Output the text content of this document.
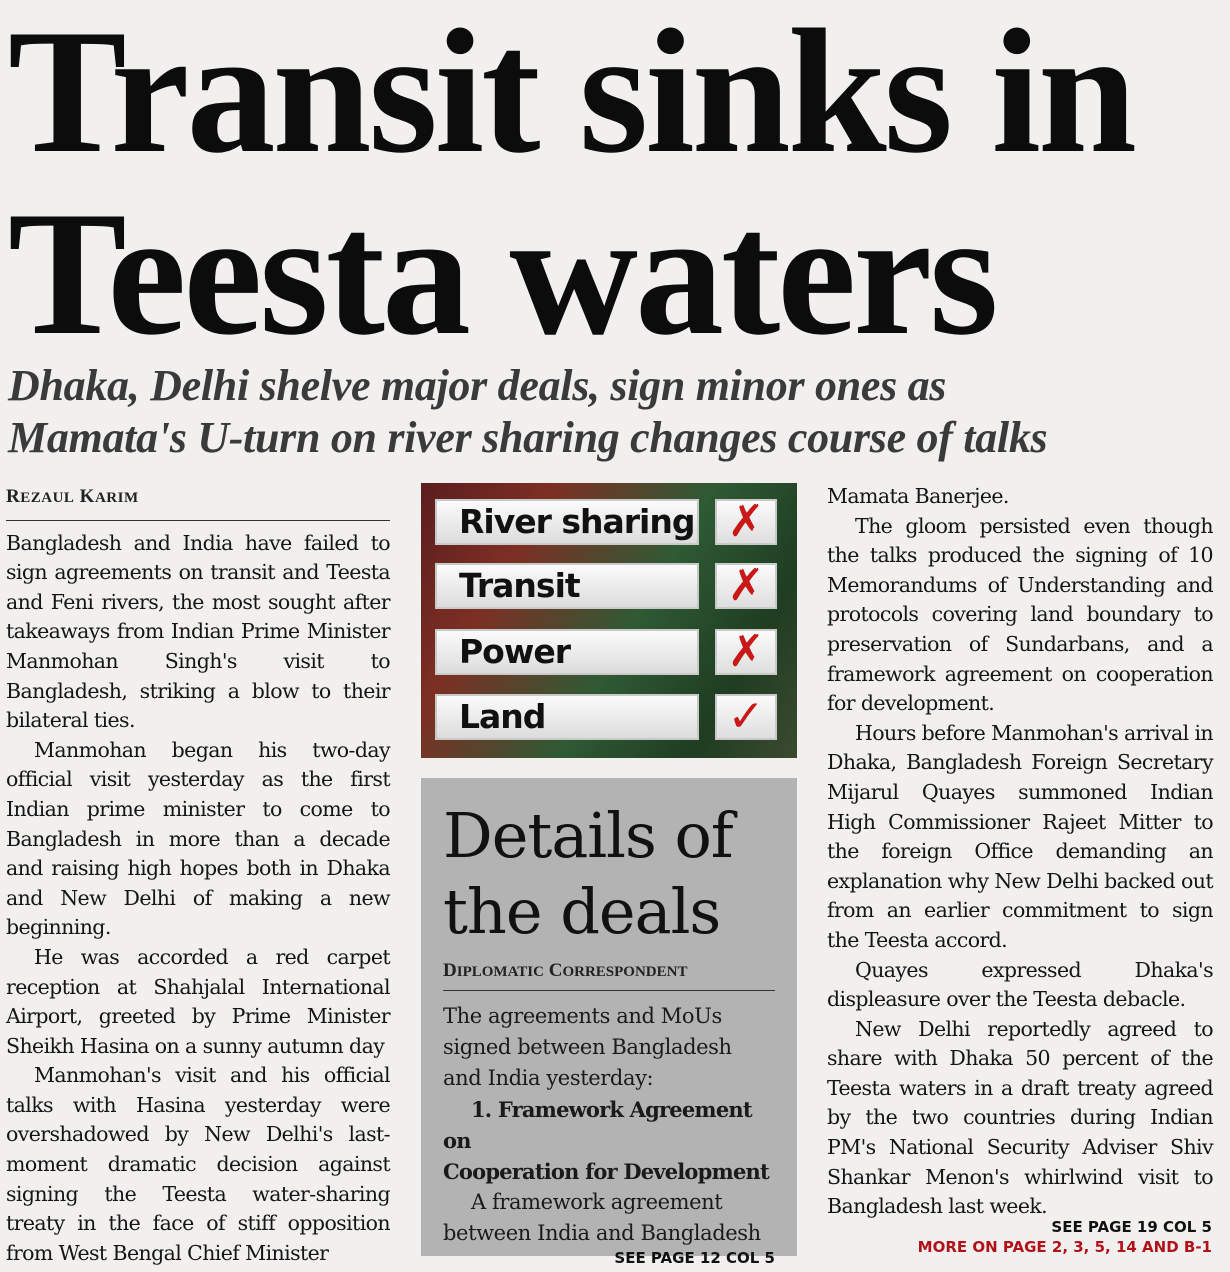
Transit sinks in
Teesta waters
Dhaka, Delhi shelve major deals, sign minor ones as
Mamata's U-turn on river sharing changes course of talks
REZAUL KARIM

Bangladesh and India have failed to sign agreements on transit and Teesta and Feni rivers, the most sought after takeaways from Indian Prime Minister Manmohan Singh's visit to Bangladesh, striking a blow to their bilateral ties.

Manmohan began his two-day official visit yesterday as the first Indian prime minister to come to Bangladesh in more than a decade and raising high hopes both in Dhaka and New Delhi of making a new beginning.

He was accorded a red carpet reception at Shahjalal International Airport, greeted by Prime Minister Sheikh Hasina on a sunny autumn day

Manmohan's visit and his official talks with Hasina yesterday were overshadowed by New Delhi's last-moment dramatic decision against signing the Teesta water-sharing treaty in the face of stiff opposition from West Bengal Chief Minister

River sharing ✗
Transit	✗
Power	✗
Land	✓
Details of
the deals
DIPLOMATIC CORRESPONDENT

The agreements and MoUs signed between Bangladesh and India yesterday:

1. Framework Agreement on

Cooperation for Development

A framework agreement between India and Bangladesh

SEE PAGE 12 COL 5

Mamata Banerjee.

The gloom persisted even though the talks produced the signing of 10 Memorandums of Understanding and protocols covering land boundary to preservation of Sundarbans, and a framework agreement on cooperation for development.

Hours before Manmohan's arrival in Dhaka, Bangladesh Foreign Secretary Mijarul Quayes summoned Indian High Commissioner Rajeet Mitter to the foreign Office demanding an explanation why New Delhi backed out from an earlier commitment to sign the Teesta accord.

Quayes expressed Dhaka's displeasure over the Teesta debacle.

New Delhi reportedly agreed to share with Dhaka 50 percent of the Teesta waters in a draft treaty agreed by the two countries during Indian PM's National Security Adviser Shiv Shankar Menon's whirlwind visit to Bangladesh last week.

SEE PAGE 19 COL 5
MORE ON PAGE 2, 3, 5, 14 AND B-1
